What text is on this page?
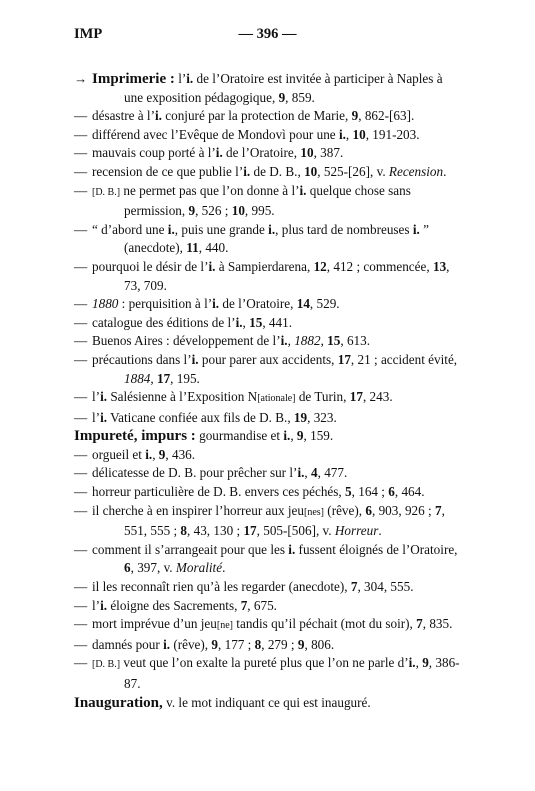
IMP	— 396 —

→ Imprimerie : l’i. de l’Oratoire est invitée à participer à Naples à une exposition pédagogique, 9, 859.

— désastre à l’i. conjuré par la protection de Marie, 9, 862-[63].

— différend avec l’Evêque de Mondovì pour une i., 10, 191-203.

— mauvais coup porté à l’i. de l’Oratoire, 10, 387.

— recension de ce que publie l’i. de D. B., 10, 525-[26], v. Recension.

— [D. B.] ne permet pas que l’on donne à l’i. quelque chose sans permission, 9, 526 ; 10, 995.

— “ d’abord une i., puis une grande i., plus tard de nombreuses i. ” (anecdote), 11, 440.

— pourquoi le désir de l’i. à Sampierdarena, 12, 412 ; commencée, 13, 73, 709.

— 1880 : perquisition à l’i. de l’Oratoire, 14, 529.

— catalogue des éditions de l’i., 15, 441.

— Buenos Aires : développement de l’i., 1882, 15, 613.

— précautions dans l’i. pour parer aux accidents, 17, 21 ; accident évité, 1884, 17, 195.

— l’i. Salésienne à l’Exposition N[ationale] de Turin, 17, 243.

— l’i. Vaticane confiée aux fils de D. B., 19, 323.

Impureté, impurs : gourmandise et i., 9, 159.

— orgueil et i., 9, 436.

— délicatesse de D. B. pour prêcher sur l’i., 4, 477.

— horreur particulière de D. B. envers ces péchés, 5, 164 ; 6, 464.

— il cherche à en inspirer l’horreur aux jeu[nes] (rêve), 6, 903, 926 ; 7, 551, 555 ; 8, 43, 130 ; 17, 505-[506], v. Horreur.

— comment il s’arrangeait pour que les i. fussent éloignés de l’Oratoire, 6, 397, v. Moralité.

— il les reconnaît rien qu’à les regarder (anecdote), 7, 304, 555.

— l’i. éloigne des Sacrements, 7, 675.

— mort imprévue d’un jeu[ne] tandis qu’il péchait (mot du soir), 7, 835.

— damnés pour i. (rêve), 9, 177 ; 8, 279 ; 9, 806.

— [D. B.] veut que l’on exalte la pureté plus que l’on ne parle d’i., 9, 386-87.

Inauguration, v. le mot indiquant ce qui est inauguré.
